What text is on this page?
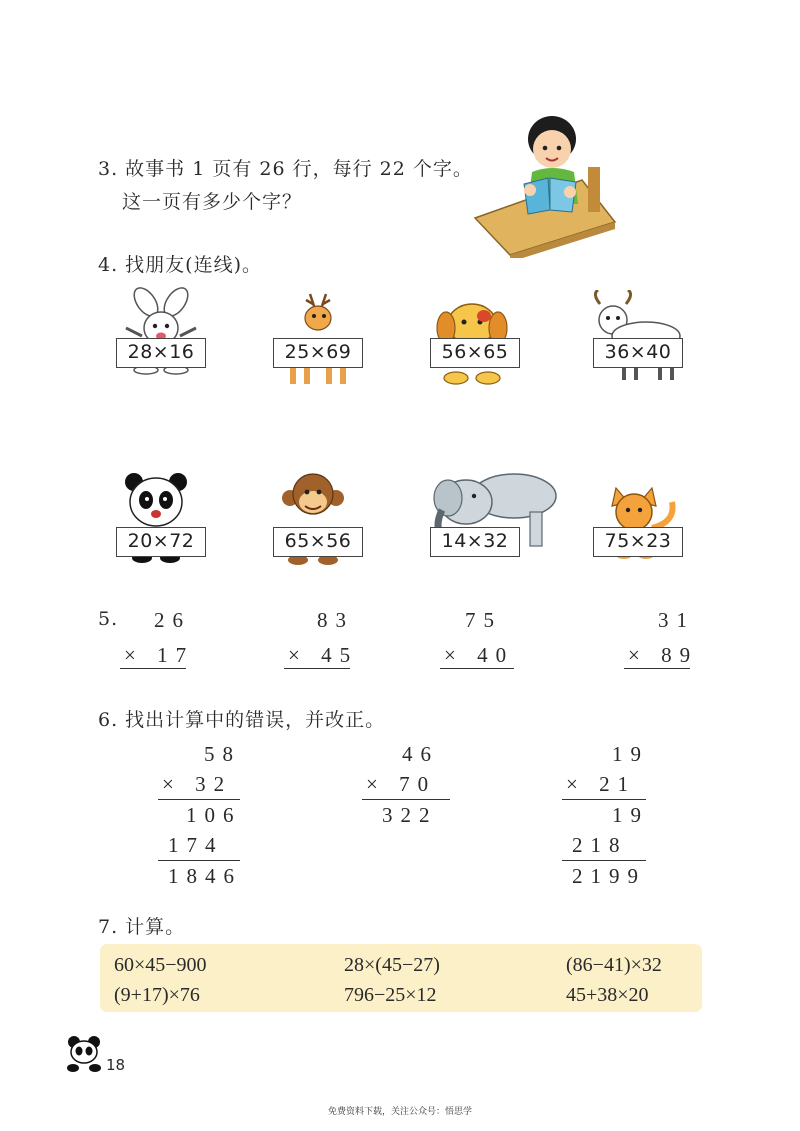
3. 故事书 1 页有 26 行，每行 22 个字。
这一页有多少个字？
4. 找朋友(连线)。
28×16	25×69	56×65	36×40
20×72	65×56	14×32	75×23
5. 26
× 17
83
× 45
75
× 40
31
× 89
6. 找出计算中的错误，并改正。
58
× 32
106
174
1846
46
× 70
322
19
× 21
19
218
2199
7. 计算。
60×45−900	28×(45−27)	(86−41)×32
(9+17)×76	796−25×12	45+38×20
18
免费资料下载，关注公众号：悟思学
